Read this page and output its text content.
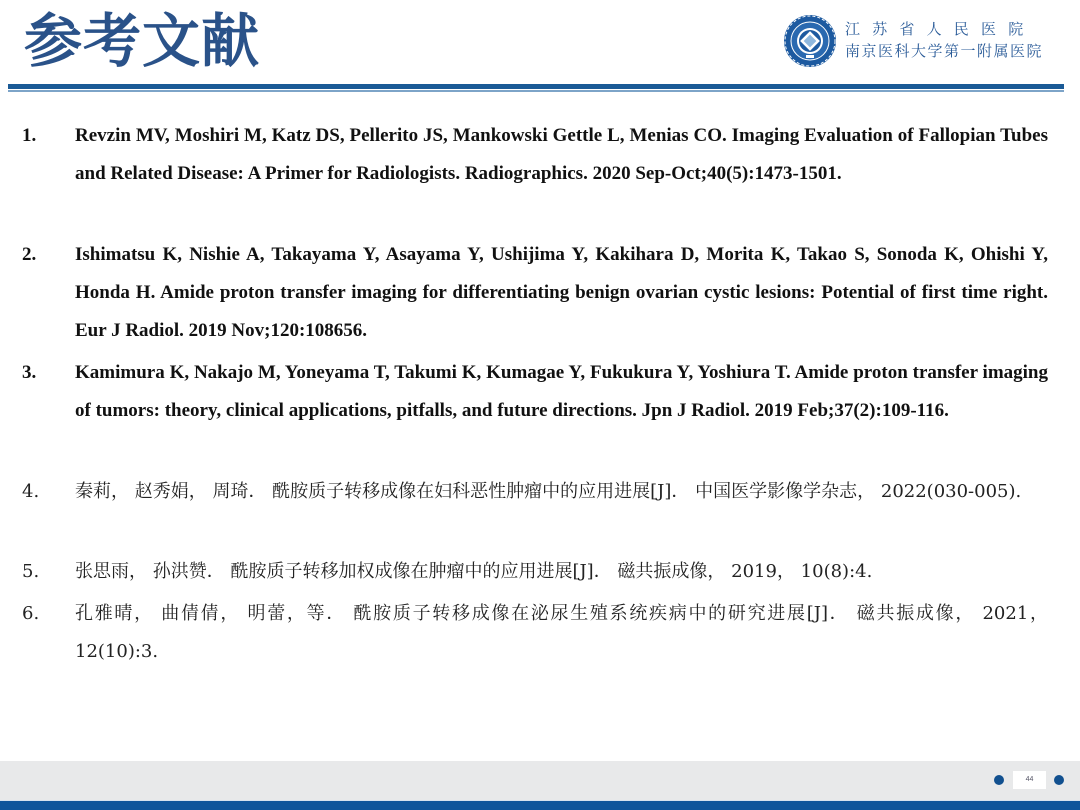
参考文献	江苏省人民医院
南京医科大学第一附属医院
1.	Revzin MV, Moshiri M, Katz DS, Pellerito JS, Mankowski Gettle L, Menias CO. Imaging Evaluation of Fallopian Tubes and Related Disease: A Primer for Radiologists. Radiographics. 2020 Sep-Oct;40(5):1473-1501.
2.	Ishimatsu K, Nishie A, Takayama Y, Asayama Y, Ushijima Y, Kakihara D, Morita K, Takao S, Sonoda K, Ohishi Y, Honda H. Amide proton transfer imaging for differentiating benign ovarian cystic lesions: Potential of first time right. Eur J Radiol. 2019 Nov;120:108656.
3.	Kamimura K, Nakajo M, Yoneyama T, Takumi K, Kumagae Y, Fukukura Y, Yoshiura T. Amide proton transfer imaging of tumors: theory, clinical applications, pitfalls, and future directions. Jpn J Radiol. 2019 Feb;37(2):109-116.
4.	秦莉， 赵秀娟， 周琦． 酰胺质子转移成像在妇科恶性肿瘤中的应用进展[J]． 中国医学影像学杂志， 2022(030-005).
5.	张思雨， 孙洪赞． 酰胺质子转移加权成像在肿瘤中的应用进展[J]． 磁共振成像， 2019， 10(8):4.
6.	孔雅晴， 曲倩倩， 明蕾，等． 酰胺质子转移成像在泌尿生殖系统疾病中的研究进展[J]． 磁共振成像， 2021， 12(10):3.
44
